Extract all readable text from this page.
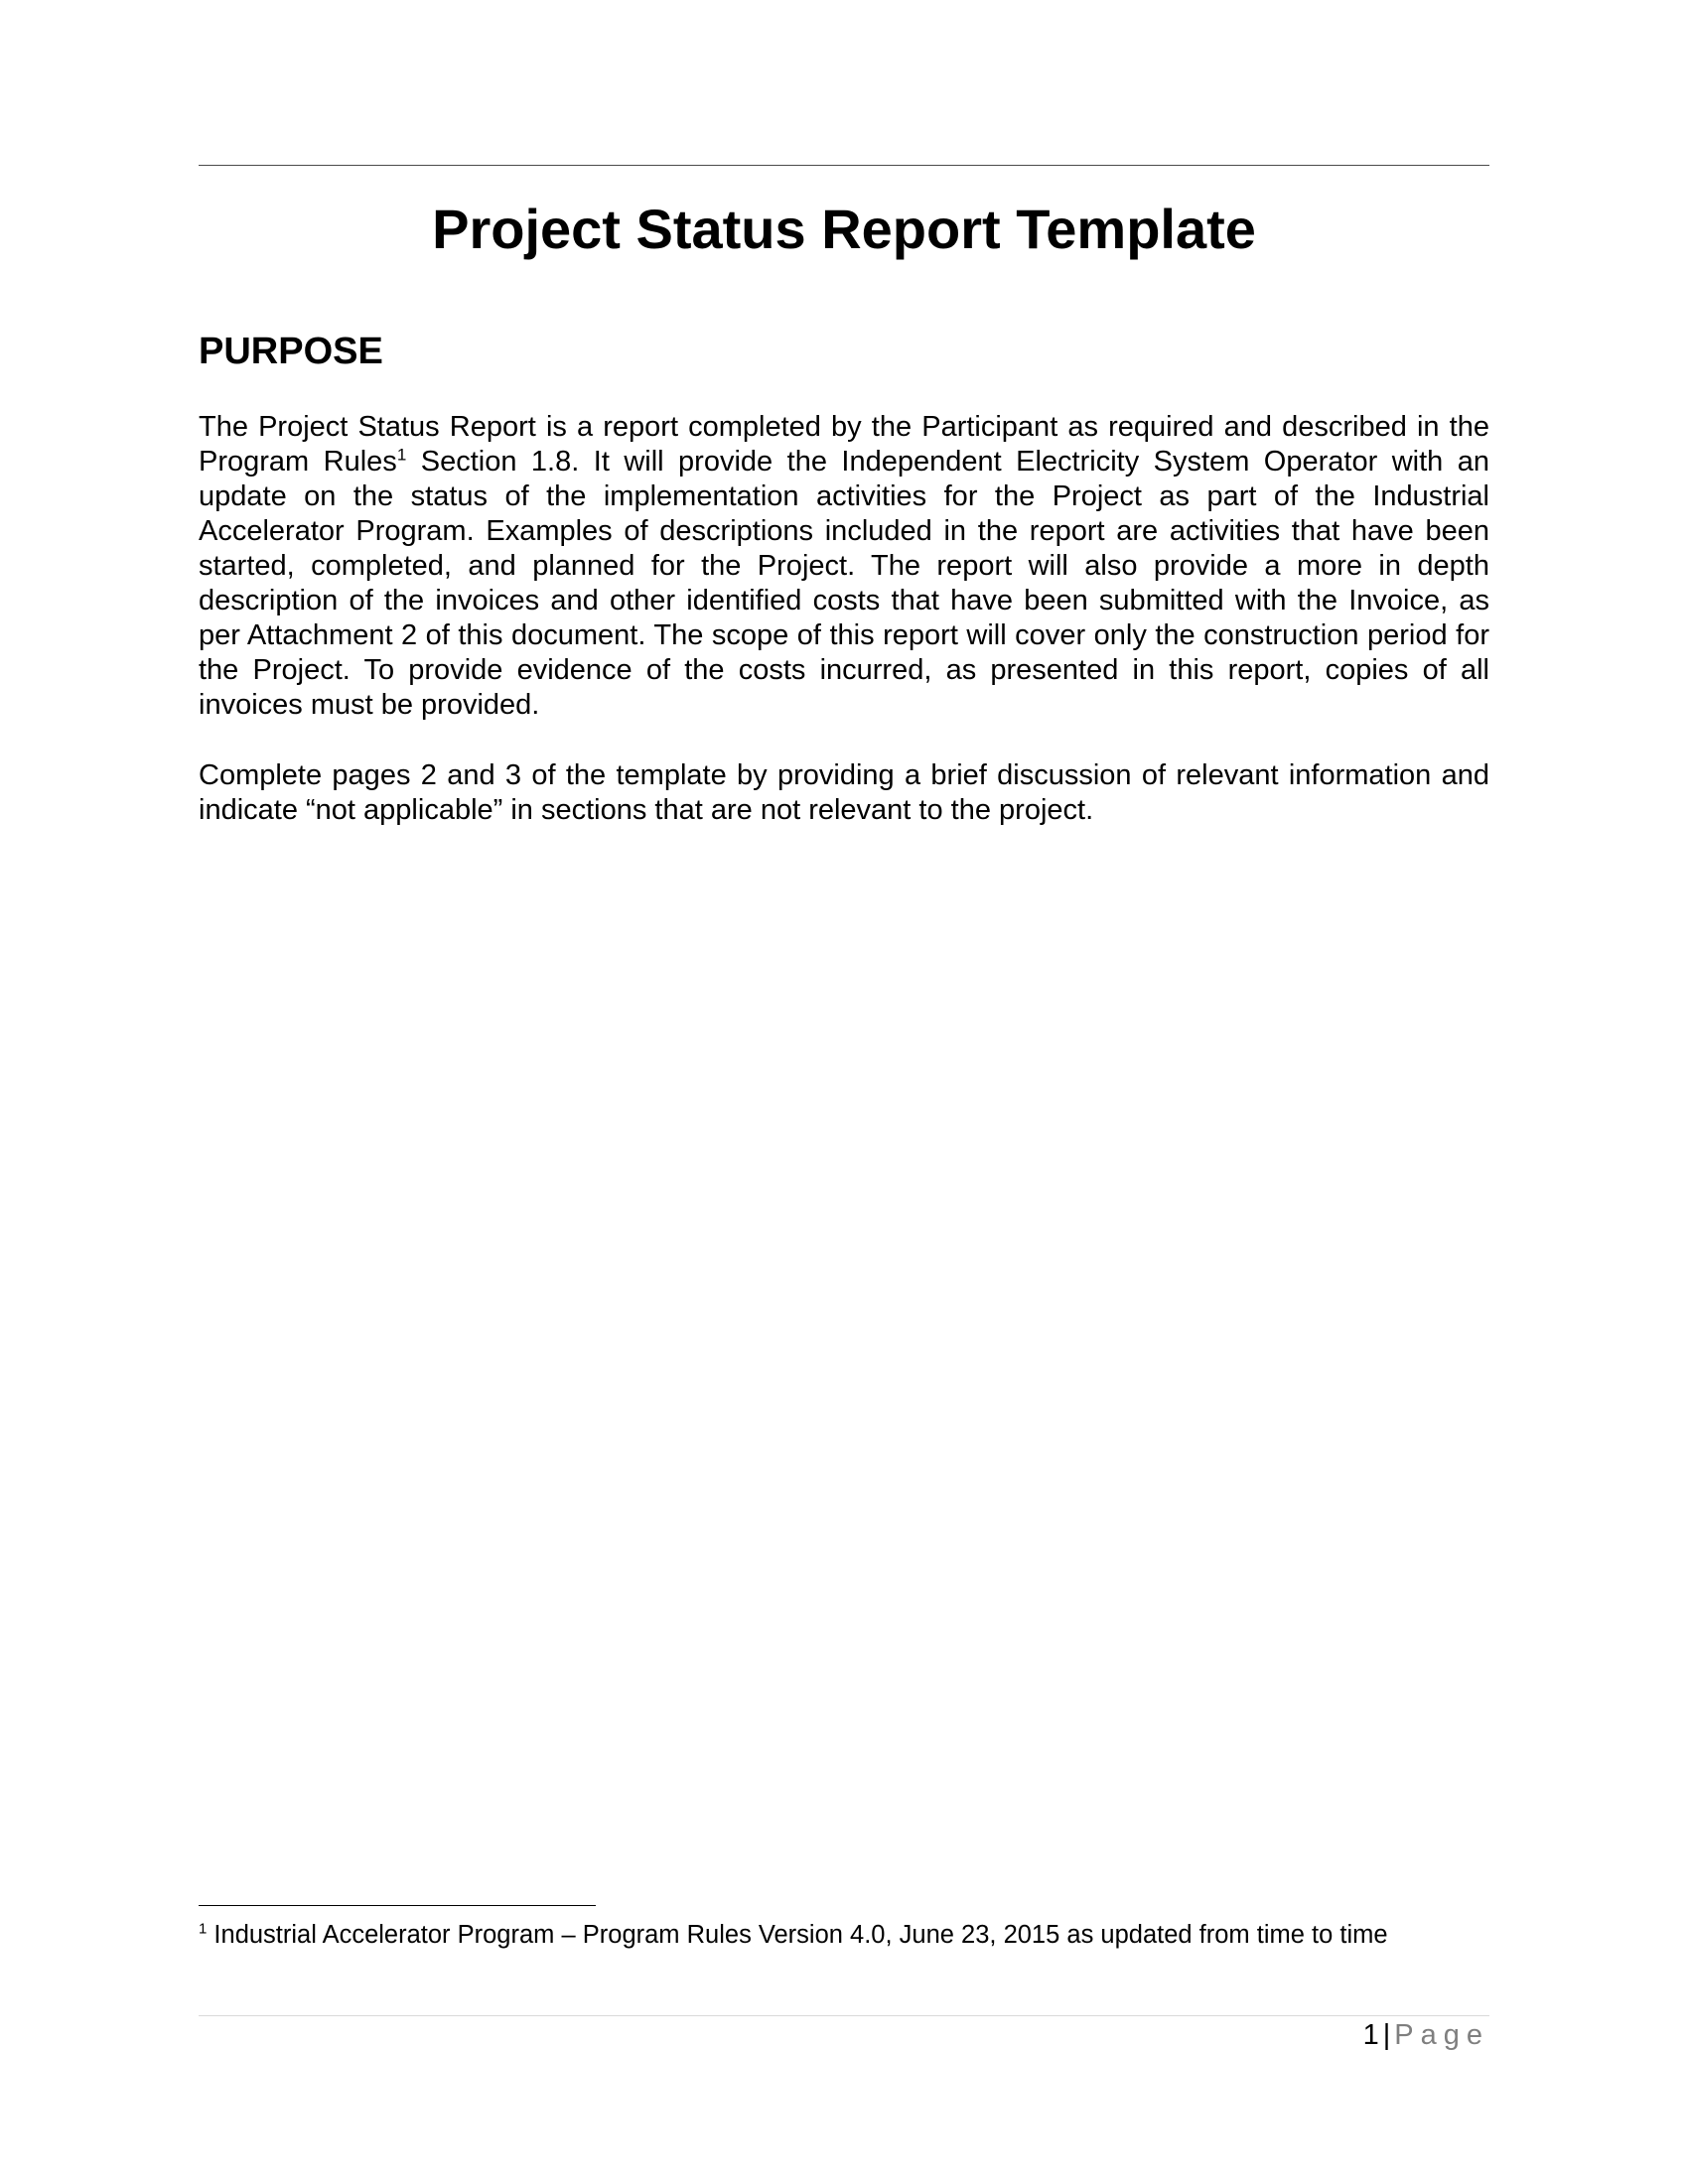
Project Status Report Template
PURPOSE

The Project Status Report is a report completed by the Participant as required and described in the Program Rules$^1$ Section 1.8. It will provide the Independent Electricity System Operator with an update on the status of the implementation activities for the Project as part of the Industrial Accelerator Program. Examples of descriptions included in the report are activities that have been started, completed, and planned for the Project. The report will also provide a more in depth description of the invoices and other identified costs that have been submitted with the Invoice, as per Attachment 2 of this document. The scope of this report will cover only the construction period for the Project. To provide evidence of the costs incurred, as presented in this report, copies of all invoices must be provided.

Complete pages 2 and 3 of the template by providing a brief discussion of relevant information and indicate “not applicable” in sections that are not relevant to the project.

$^1$ Industrial Accelerator Program – Program Rules Version 4.0, June 23, 2015 as updated from time to time

1 | Page
